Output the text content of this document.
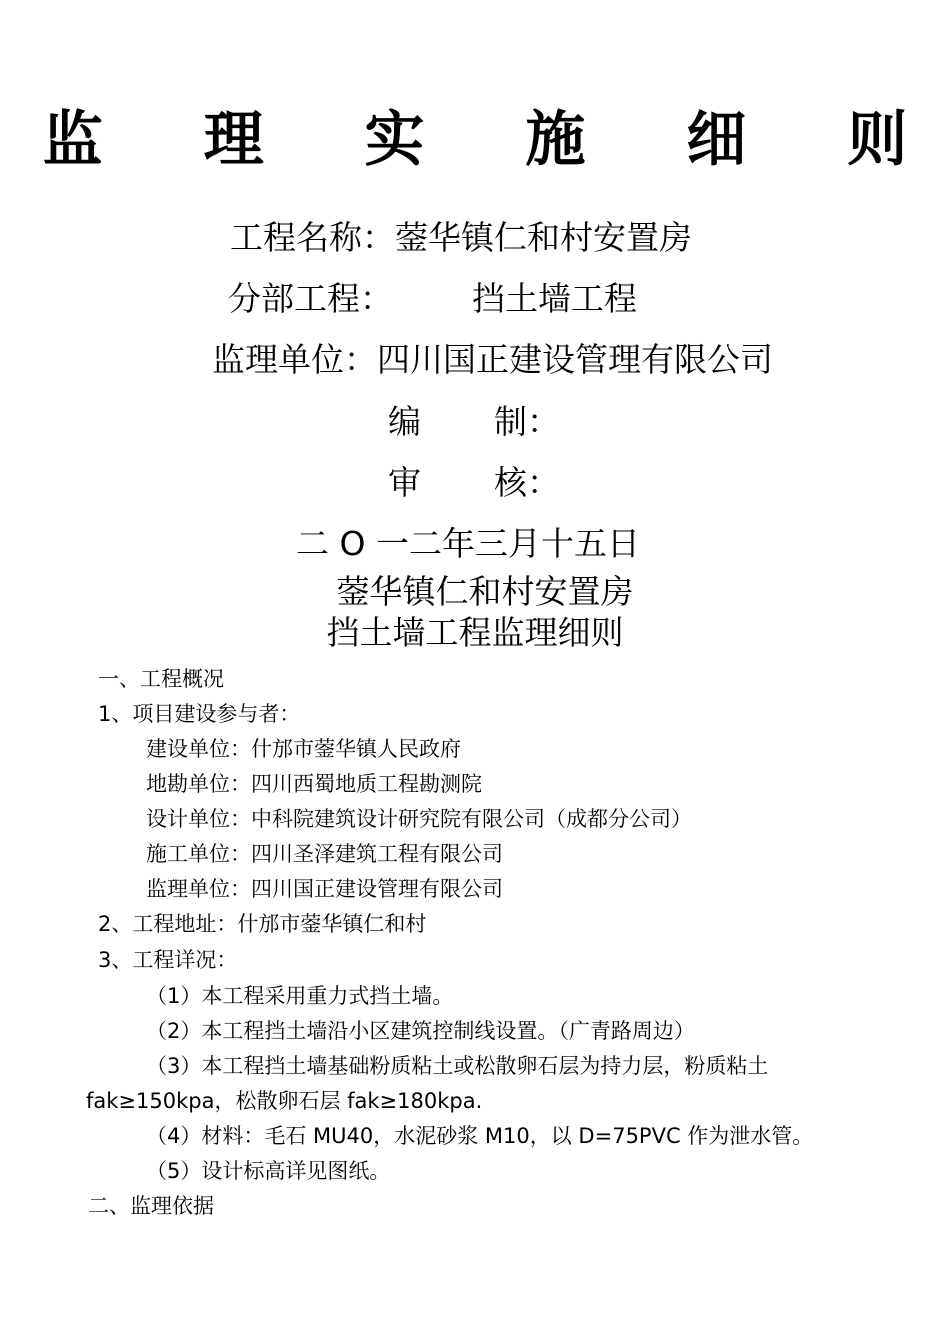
监 理 实 施 细 则
工程名称：蓥华镇仁和村安置房
分部工程： 挡土墙工程
监理单位：四川国正建设管理有限公司
编 制：
审 核：
二 O 一二年三月十五日
蓥华镇仁和村安置房
挡土墙工程监理细则
一、工程概况
1、项目建设参与者：
建设单位：什邡市蓥华镇人民政府
地勘单位：四川西蜀地质工程勘测院
设计单位：中科院建筑设计研究院有限公司（成都分公司）
施工单位：四川圣泽建筑工程有限公司
监理单位：四川国正建设管理有限公司
2、工程地址：什邡市蓥华镇仁和村
3、工程详况：
（1）本工程采用重力式挡土墙。
（2）本工程挡土墙沿小区建筑控制线设置。（广青路周边）
（3）本工程挡土墙基础粉质粘土或松散卵石层为持力层，粉质粘土
fak≥150kpa，松散卵石层 fak≥180kpa.
（4）材料：毛石 MU40，水泥砂浆 M10，以 D=75PVC 作为泄水管。
（5）设计标高详见图纸。
二、监理依据
